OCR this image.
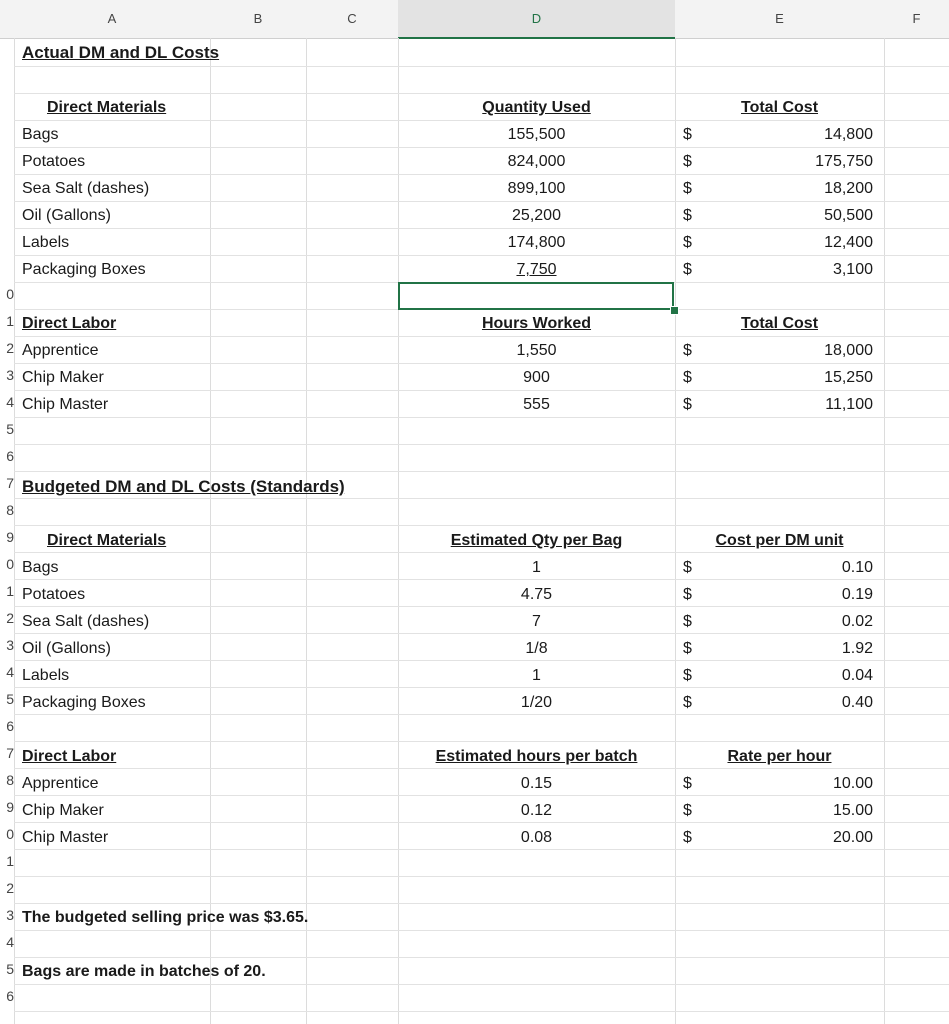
A	B	C	D	E	F
0
1
2
3
4
5
6
7
8
9
0
1
2
3
4
5
6
7
8
9
0
1
2
3
4
5
6
Actual DM and DL Costs
Direct Materials	Quantity Used	Total Cost
Bags	155,500	$	14,800
Potatoes	824,000	$	175,750
Sea Salt (dashes)	899,100	$	18,200
Oil (Gallons)	25,200	$	50,500
Labels	174,800	$	12,400
Packaging Boxes	7,750	$	3,100
Direct Labor	Hours Worked	Total Cost
Apprentice	1,550	$	18,000
Chip Maker	900	$	15,250
Chip Master	555	$	11,100
Budgeted DM and DL Costs (Standards)
Direct Materials	Estimated Qty per Bag	Cost per DM unit
Bags	1	$	0.10
Potatoes	4.75	$	0.19
Sea Salt (dashes)	7	$	0.02
Oil (Gallons)	1/8	$	1.92
Labels	1	$	0.04
Packaging Boxes	1/20	$	0.40
Direct Labor	Estimated hours per batch	Rate per hour
Apprentice	0.15	$	10.00
Chip Maker	0.12	$	15.00
Chip Master	0.08	$	20.00
The budgeted selling price was $3.65.
Bags are made in batches of 20.
